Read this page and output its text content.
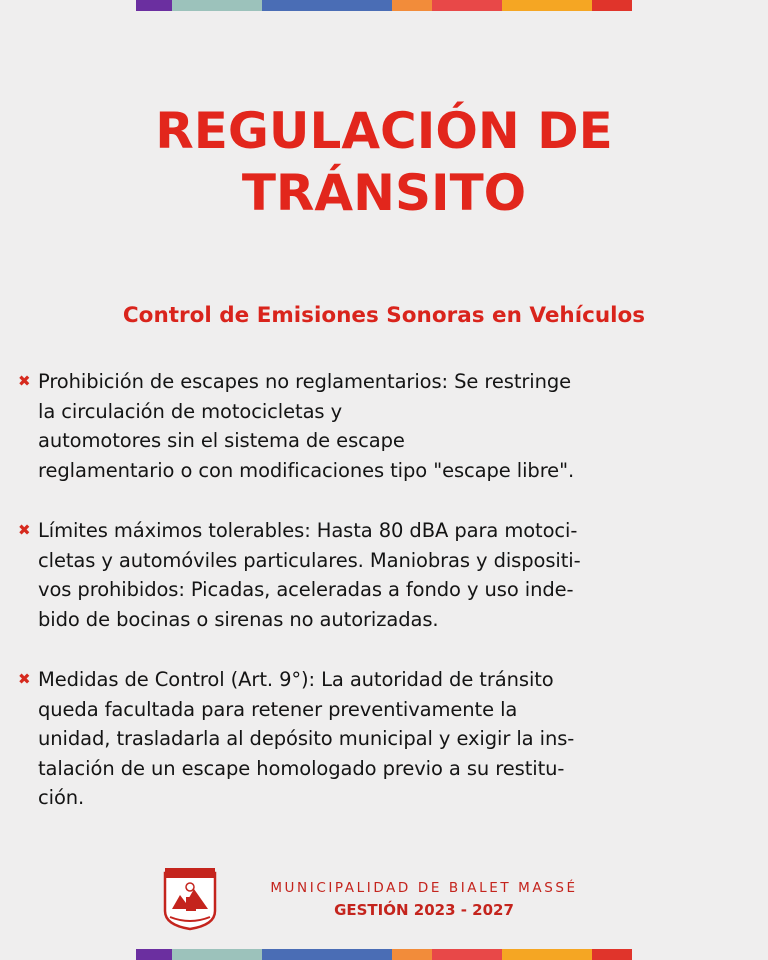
REGULACIÓN DE
TRÁNSITO
Control de Emisiones Sonoras en Vehículos
✖ Prohibición de escapes no reglamentarios: Se restringe
la circulación de motocicletas y
automotores sin el sistema de escape
reglamentario o con modificaciones tipo "escape libre".

✖ Límites máximos tolerables: Hasta 80 dBA para motoci-
cletas y automóviles particulares. Maniobras y dispositi-
vos prohibidos: Picadas, aceleradas a fondo y uso inde-
bido de bocinas o sirenas no autorizadas.

✖ Medidas de Control (Art. 9°): La autoridad de tránsito
queda facultada para retener preventivamente la
unidad, trasladarla al depósito municipal y exigir la ins-
talación de un escape homologado previo a su restitu-
ción.

MUNICIPALIDAD DE BIALET MASSÉ
GESTIÓN 2023 - 2027
